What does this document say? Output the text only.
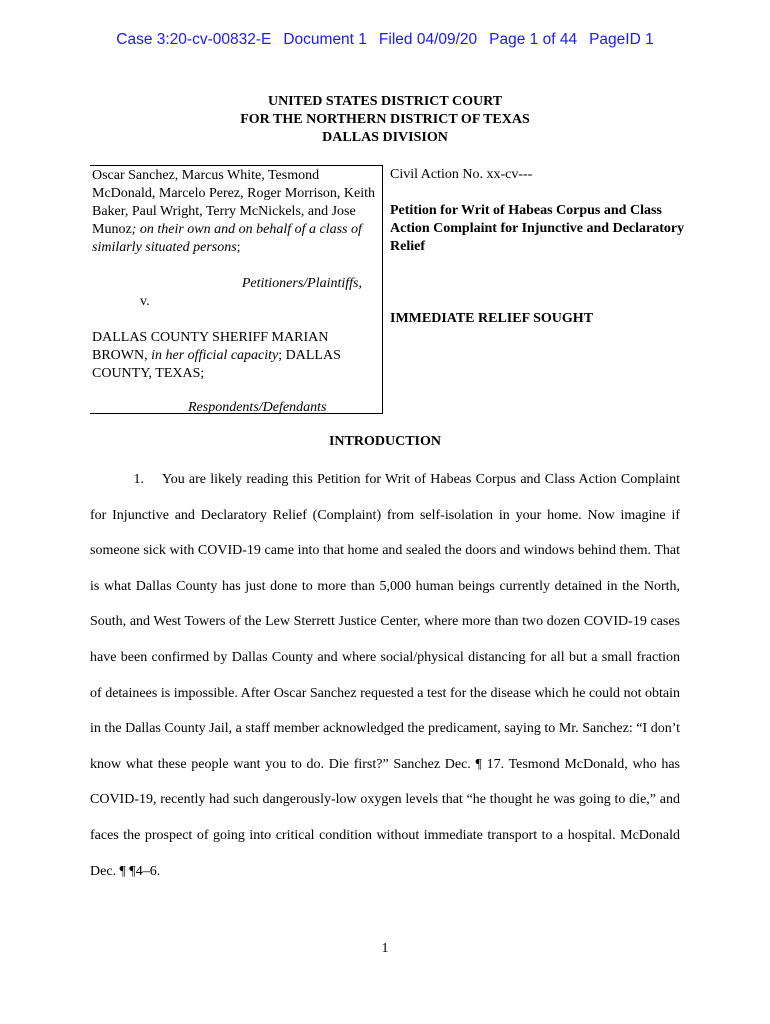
Case 3:20-cv-00832-E Document 1 Filed 04/09/20 Page 1 of 44 PageID 1
UNITED STATES DISTRICT COURT
FOR THE NORTHERN DISTRICT OF TEXAS
DALLAS DIVISION

Oscar Sanchez, Marcus White, Tesmond McDonald, Marcelo Perez, Roger Morrison, Keith Baker, Paul Wright, Terry McNickels, and Jose Munoz; on their own and on behalf of a class of similarly situated persons;

Petitioners/Plaintiffs,

v.

DALLAS COUNTY SHERIFF MARIAN BROWN, in her official capacity; DALLAS COUNTY, TEXAS;

Respondents/Defendants

Civil Action No. xx-cv---

Petition for Writ of Habeas Corpus and Class Action Complaint for Injunctive and Declaratory Relief

IMMEDIATE RELIEF SOUGHT

INTRODUCTION

1. You are likely reading this Petition for Writ of Habeas Corpus and Class Action Complaint for Injunctive and Declaratory Relief (Complaint) from self-isolation in your home. Now imagine if someone sick with COVID-19 came into that home and sealed the doors and windows behind them. That is what Dallas County has just done to more than 5,000 human beings currently detained in the North, South, and West Towers of the Lew Sterrett Justice Center, where more than two dozen COVID-19 cases have been confirmed by Dallas County and where social/physical distancing for all but a small fraction of detainees is impossible. After Oscar Sanchez requested a test for the disease which he could not obtain in the Dallas County Jail, a staff member acknowledged the predicament, saying to Mr. Sanchez: “I don’t know what these people want you to do. Die first?” Sanchez Dec. ¶ 17. Tesmond McDonald, who has COVID-19, recently had such dangerously-low oxygen levels that “he thought he was going to die,” and faces the prospect of going into critical condition without immediate transport to a hospital. McDonald Dec. ¶ ¶4–6.

1
